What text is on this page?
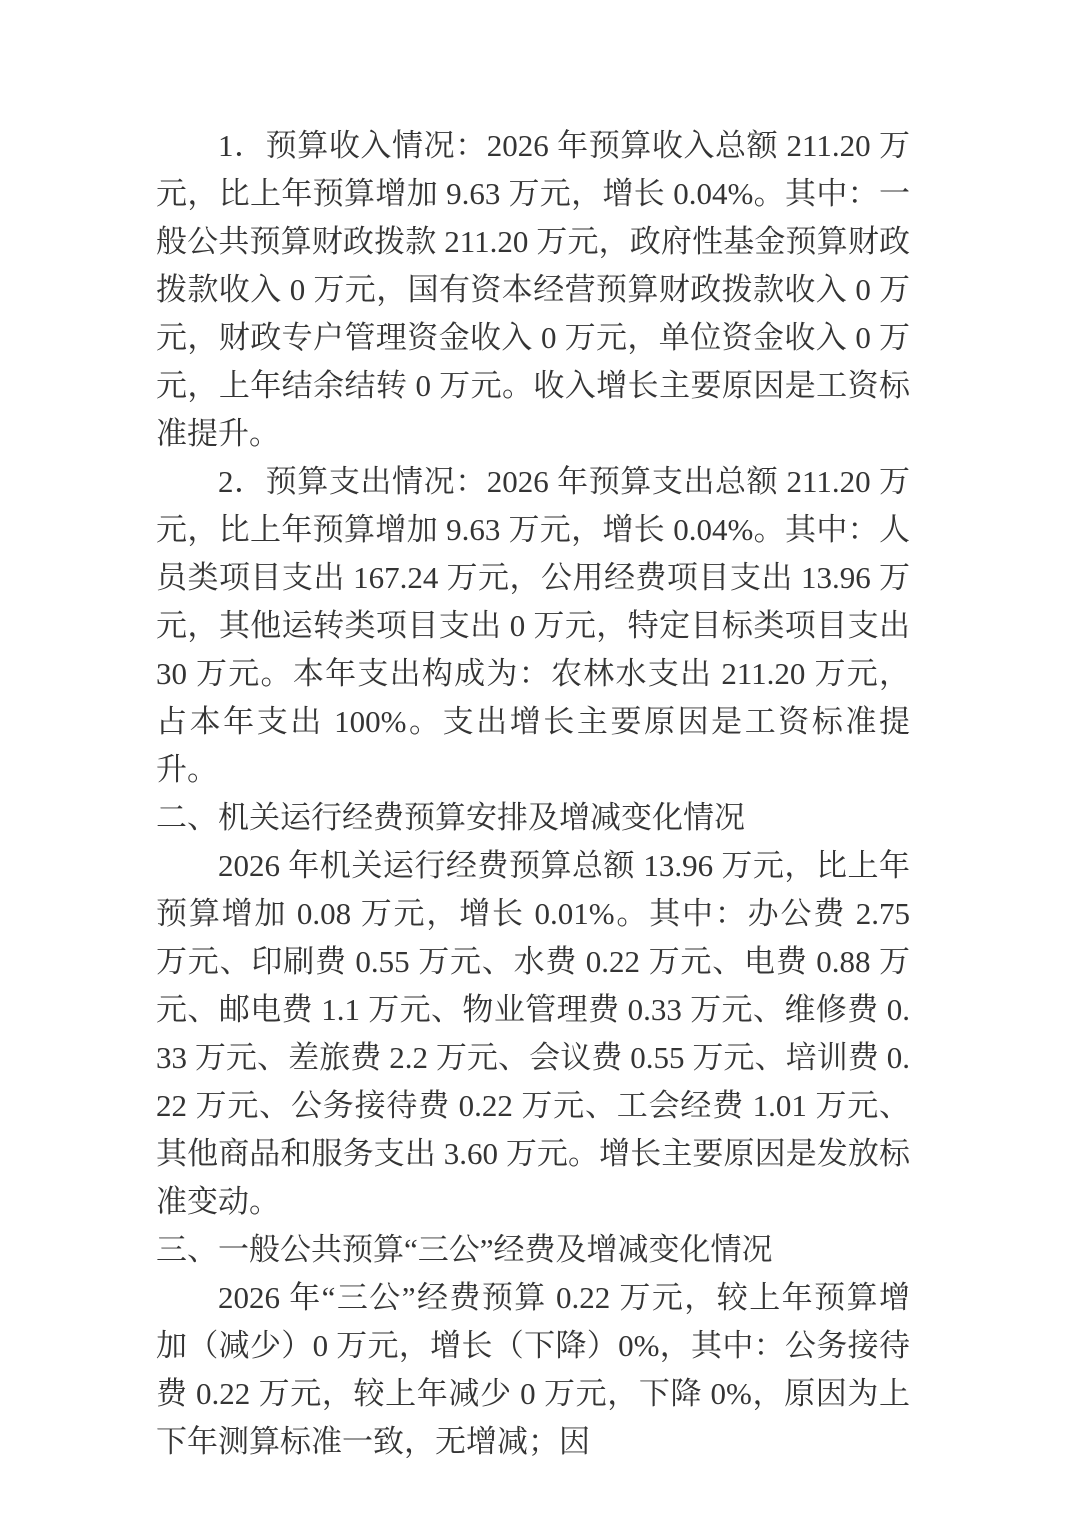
1．预算收入情况：2026 年预算收入总额 211.20 万元，比上年预算增加 9.63 万元，增长 0.04%。其中：一般公共预算财政拨款 211.20 万元，政府性基金预算财政拨款收入 0 万元，国有资本经营预算财政拨款收入 0 万元，财政专户管理资金收入 0 万元，单位资金收入 0 万元，上年结余结转 0 万元。收入增长主要原因是工资标准提升。

2．预算支出情况：2026 年预算支出总额 211.20 万元，比上年预算增加 9.63 万元，增长 0.04%。其中：人员类项目支出 167.24 万元，公用经费项目支出 13.96 万元，其他运转类项目支出 0 万元，特定目标类项目支出 30 万元。本年支出构成为：农林水支出 211.20 万元，占本年支出 100%。支出增长主要原因是工资标准提升。

二、机关运行经费预算安排及增减变化情况

2026 年机关运行经费预算总额 13.96 万元，比上年预算增加 0.08 万元，增长 0.01%。其中：办公费 2.75 万元、印刷费 0.55 万元、水费 0.22 万元、电费 0.88 万元、邮电费 1.1 万元、物业管理费 0.33 万元、维修费 0.33 万元、差旅费 2.2 万元、会议费 0.55 万元、培训费 0.22 万元、公务接待费 0.22 万元、工会经费 1.01 万元、其他商品和服务支出 3.60 万元。增长主要原因是发放标准变动。

三、一般公共预算“三公”经费及增减变化情况

2026 年“三公”经费预算 0.22 万元，较上年预算增加（减少）0 万元，增长（下降）0%，其中：公务接待费 0.22 万元，较上年减少 0 万元，下降 0%，原因为上下年测算标准一致，无增减；因
